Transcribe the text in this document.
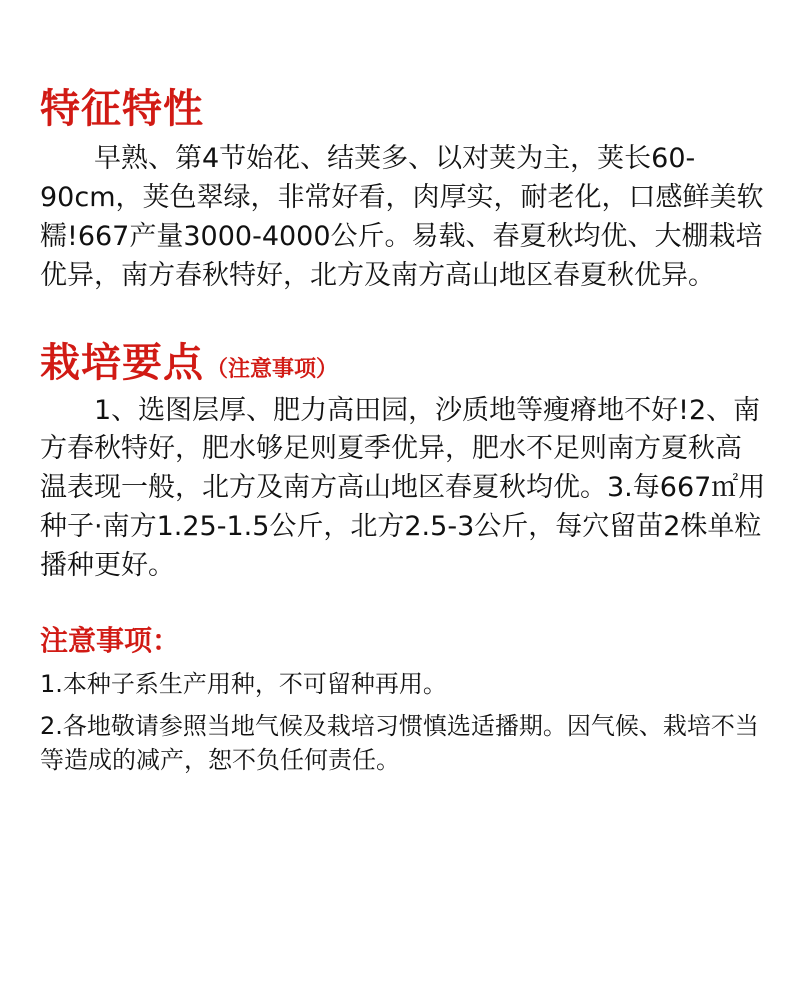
特征特性

早熟、第4节始花、结荚多、以对荚为主，荚长60-90cm，荚色翠绿，非常好看，肉厚实，耐老化，口感鲜美软糯!667产量3000-4000公斤。易载、春夏秋均优、大棚栽培优异，南方春秋特好，北方及南方高山地区春夏秋优异。

栽培要点 （注意事项）

1、选图层厚、肥力高田园，沙质地等瘦瘠地不好!2、南方春秋特好，肥水够足则夏季优异，肥水不足则南方夏秋高温表现一般，北方及南方高山地区春夏秋均优。3.每667㎡用种子·南方1.25-1.5公斤，北方2.5-3公斤，每穴留苗2株单粒播种更好。

注意事项：

1.本种子系生产用种，不可留种再用。

2.各地敬请参照当地气候及栽培习惯慎选适播期。因气候、栽培不当等造成的减产，恕不负任何责任。
